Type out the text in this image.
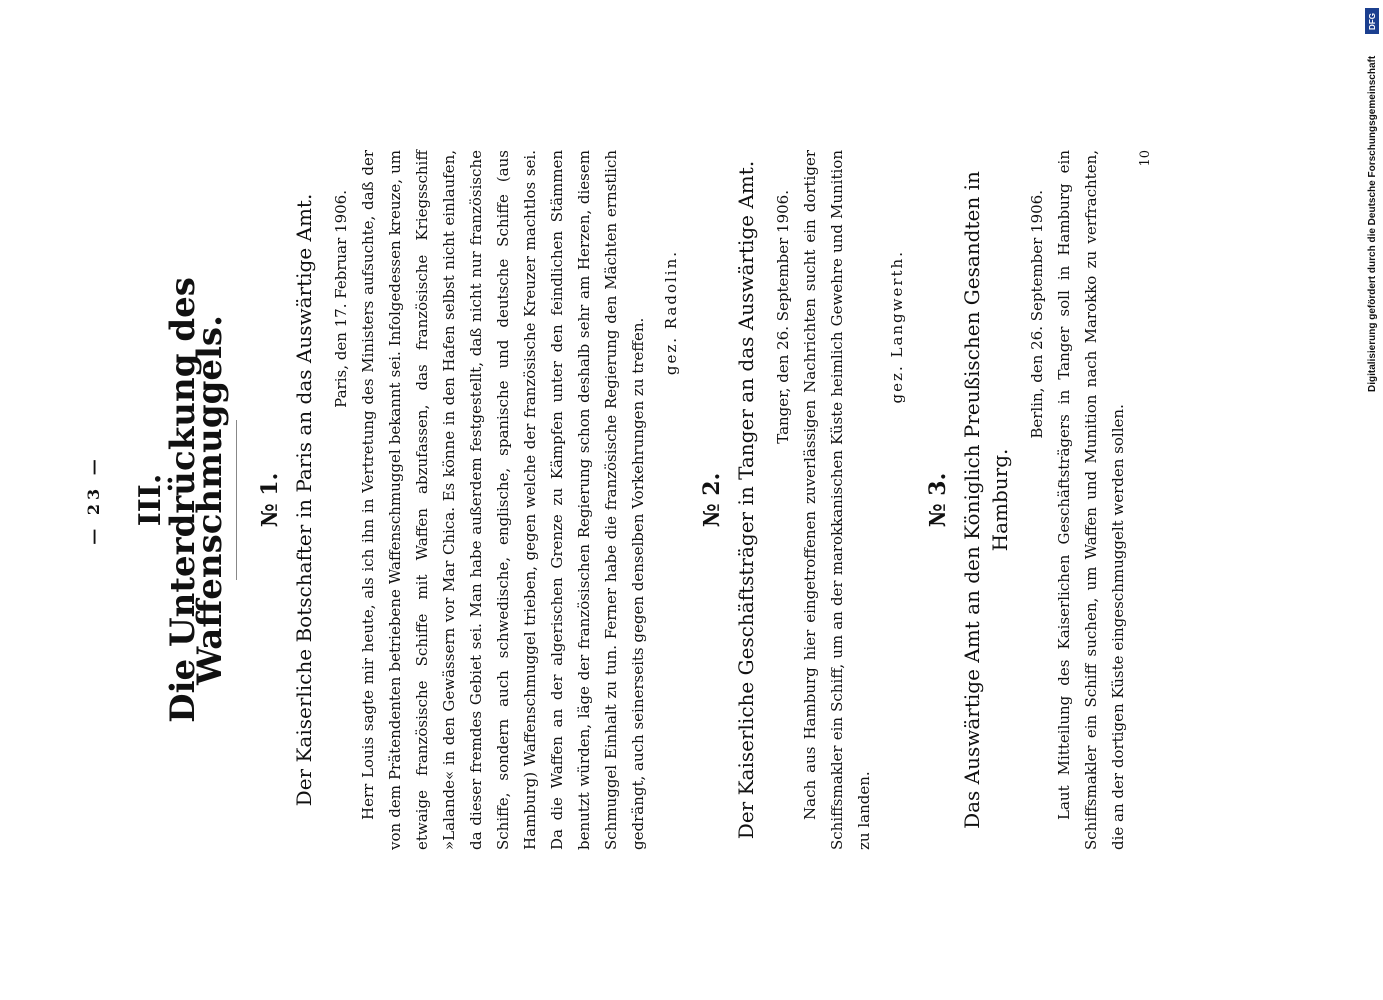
— 23 — III.
Die Unterdrückung des Waffenschmuggels. № 1. Der Kaiserliche Botschafter in Paris an das Auswärtige Amt. Paris, den 17. Februar 1906. Herr Louis sagte mir heute, als ich ihn in Vertretung des Ministers aufsuchte, daß der von dem Prätendenten betriebene Waffenschmuggel bekannt sei. Infolgedessen kreuze, um etwaige französische Schiffe mit Waffen abzufassen, das französische Kriegsschiff »Lalande« in den Gewässern vor Mar Chica. Es könne in den Hafen selbst nicht einlaufen, da dieser fremdes Gebiet sei. Man habe außerdem festgestellt, daß nicht nur französische Schiffe, sondern auch schwedische, englische, spanische und deutsche Schiffe (aus Hamburg) Waffenschmuggel trieben, gegen welche der französische Kreuzer machtlos sei. Da die Waffen an der algerischen Grenze zu Kämpfen unter den feindlichen Stämmen benutzt würden, läge der französischen Regierung schon deshalb sehr am Herzen, diesem Schmuggel Einhalt zu tun. Ferner habe die französische Regierung den Mächten ernstlich gedrängt, auch seinerseits gegen denselben Vorkehrungen zu treffen.

gez. Radolin.
№ 2. Der Kaiserliche Geschäftsträger in Tanger an das Auswärtige Amt. Tanger, den 26. September 1906. Nach aus Hamburg hier eingetroffenen zuverlässigen Nachrichten sucht ein dortiger Schiffsmakler ein Schiff, um an der marokkanischen Küste heimlich Gewehre und Munition zu landen.

gez. Langwerth.
№ 3. Das Auswärtige Amt an den Königlich Preußischen Gesandten in Hamburg.
Berlin, den 26. September 1906. Laut Mitteilung des Kaiserlichen Geschäftsträgers in Tanger soll in Hamburg ein Schiffsmakler ein Schiff suchen, um Waffen und Munition nach Marokko zu verfrachten, die an der dortigen Küste eingeschmuggelt werden sollen.

10
DFG
Digitalisierung gefördert durch die Deutsche Forschungsgemeinschaft
